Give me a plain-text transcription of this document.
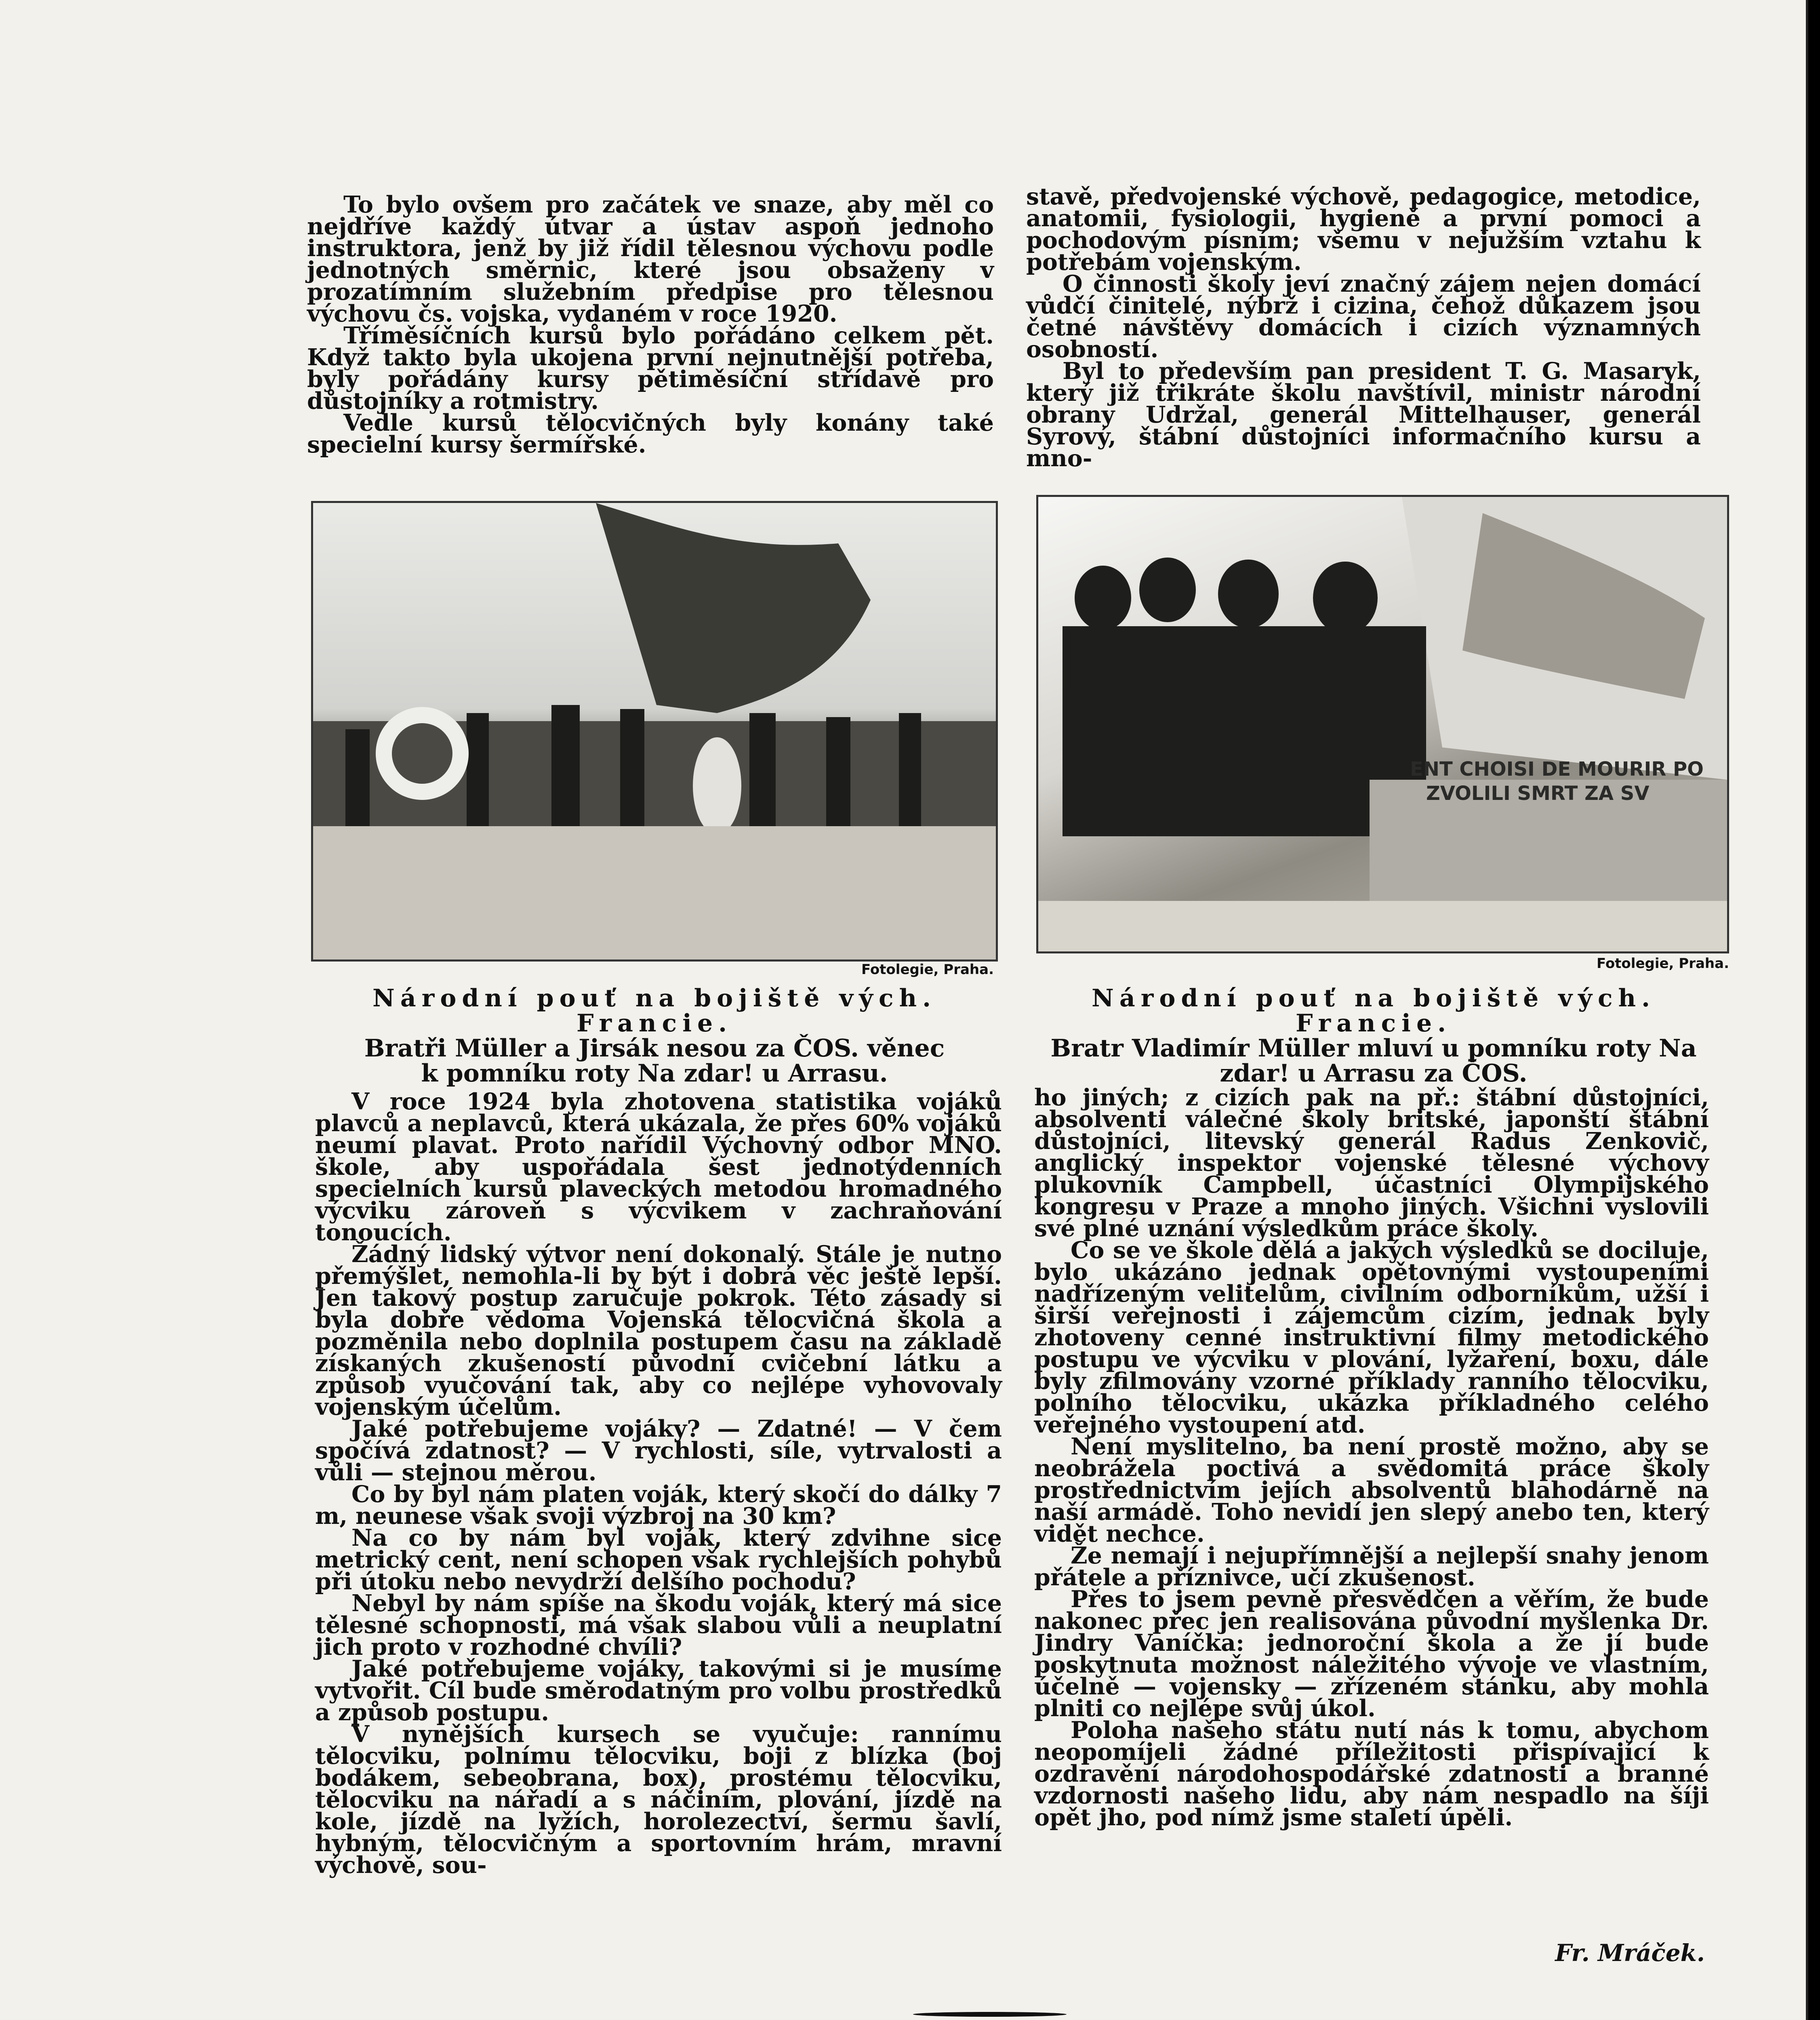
To bylo ovšem pro začátek ve snaze, aby měl co nejdříve každý útvar a ústav aspoň jednoho instruktora, jenž by již řídil tělesnou výchovu podle jednotných směrnic, které jsou obsaženy v prozatímním služebním předpise pro tělesnou výchovu čs. vojska, vydaném v roce 1920.

Tříměsíčních kursů bylo pořádáno celkem pět. Když takto byla ukojena první nejnutnější potřeba, byly pořádány kursy pětiměsíční střídavě pro důstojníky a rotmistry.

Vedle kursů tělocvičných byly konány také specielní kursy šermířské.

stavě, předvojenské výchově, pedagogice, metodice, anatomii, fysiologii, hygieně a první pomoci a pochodovým písním; všemu v nejužším vztahu k potřebám vojenským.

O činnosti školy jeví značný zájem nejen domácí vůdčí činitelé, nýbrž i cizina, čehož důkazem jsou četné návštěvy domácích i cizích významných osobností.

Byl to především pan president T. G. Masaryk, který již třikráte školu navštívil, ministr národní obrany Udržal, generál Mittelhauser, generál Syrový, štábní důstojníci informačního kursu a mno-

Fotolegie, Praha.
Národní pouť na bojiště vých. Francie.
Bratři Müller a Jirsák nesou za ČOS. věnec
k pomníku roty Na zdar! u Arrasu.
ENT CHOISI DE MOURIR PO
ZVOLILI SMRT ZA SV
Fotolegie, Praha.
Národní pouť na bojiště vých. Francie.
Bratr Vladimír Müller mluví u pomníku roty Na
zdar! u Arrasu za ČOS.

V roce 1924 byla zhotovena statistika vojáků plavců a neplavců, která ukázala, že přes 60% vojáků neumí plavat. Proto nařídil Výchovný odbor MNO. škole, aby uspořádala šest jednotýdenních specielních kursů plaveckých metodou hromadného výcviku zároveň s výcvikem v zachraňování tonoucích.

Žádný lidský výtvor není dokonalý. Stále je nutno přemýšlet, nemohla-li by být i dobrá věc ještě lepší. Jen takový postup zaručuje pokrok. Této zásady si byla dobře vědoma Vojenská tělocvičná škola a pozměnila nebo doplnila postupem času na základě získaných zkušeností původní cvičební látku a způsob vyučování tak, aby co nejlépe vyhovovaly vojenským účelům.

Jaké potřebujeme vojáky? — Zdatné! — V čem spočívá zdatnost? — V rychlosti, síle, vytrvalosti a vůli — stejnou měrou.

Co by byl nám platen voják, který skočí do dálky 7 m, neunese však svoji výzbroj na 30 km?

Na co by nám byl voják, který zdvihne sice metrický cent, není schopen však rychlejších pohybů při útoku nebo nevydrží delšího pochodu?

Nebyl by nám spíše na škodu voják, který má sice tělesné schopnosti, má však slabou vůli a neuplatní jich proto v rozhodné chvíli?

Jaké potřebujeme vojáky, takovými si je musíme vytvořit. Cíl bude směrodatným pro volbu prostředků a způsob postupu.

V nynějších kursech se vyučuje: rannímu tělocviku, polnímu tělocviku, boji z blízka (boj bodákem, sebeobrana, box), prostému tělocviku, tělocviku na nářadí a s náčiním, plování, jízdě na kole, jízdě na lyžích, horolezectví, šermu šavlí, hybným, tělocvičným a sportovním hrám, mravní výchově, sou-

ho jiných; z cizích pak na př.: štábní důstojníci, absolventi válečné školy britské, japonští štábní důstojníci, litevský generál Radus Zenkovič, anglický inspektor vojenské tělesné výchovy plukovník Campbell, účastníci Olympijského kongresu v Praze a mnoho jiných. Všichni vyslovili své plné uznání výsledkům práce školy.

Co se ve škole dělá a jakých výsledků se dociluje, bylo ukázáno jednak opětovnými vystoupeními nadřízeným velitelům, civilním odborníkům, užší i širší veřejnosti i zájemcům cizím, jednak byly zhotoveny cenné instruktivní filmy metodického postupu ve výcviku v plování, lyžaření, boxu, dále byly zfilmovány vzorné příklady ranního tělocviku, polního tělocviku, ukázka příkladného celého veřejného vystoupení atd.

Není myslitelno, ba není prostě možno, aby se neobrážela poctivá a svědomitá práce školy prostřednictvím jejích absolventů blahodárně na naší armádě. Toho nevidí jen slepý anebo ten, který vidět nechce.

Že nemají i nejupřímnější a nejlepší snahy jenom přátele a příznivce, učí zkušenost.

Přes to jsem pevně přesvědčen a věřím, že bude nakonec přec jen realisována původní myšlenka Dr. Jindry Vaníčka: jednoroční škola a že jí bude poskytnuta možnost náležitého vývoje ve vlastním, účelně — vojensky — zřízeném stánku, aby mohla plniti co nejlépe svůj úkol.

Poloha našeho státu nutí nás k tomu, abychom neopomíjeli žádné příležitosti přispívající k ozdravění národohospodářské zdatnosti a branné vzdornosti našeho lidu, aby nám nespadlo na šíji opět jho, pod nímž jsme staletí úpěli.

Fr. Mráček.
